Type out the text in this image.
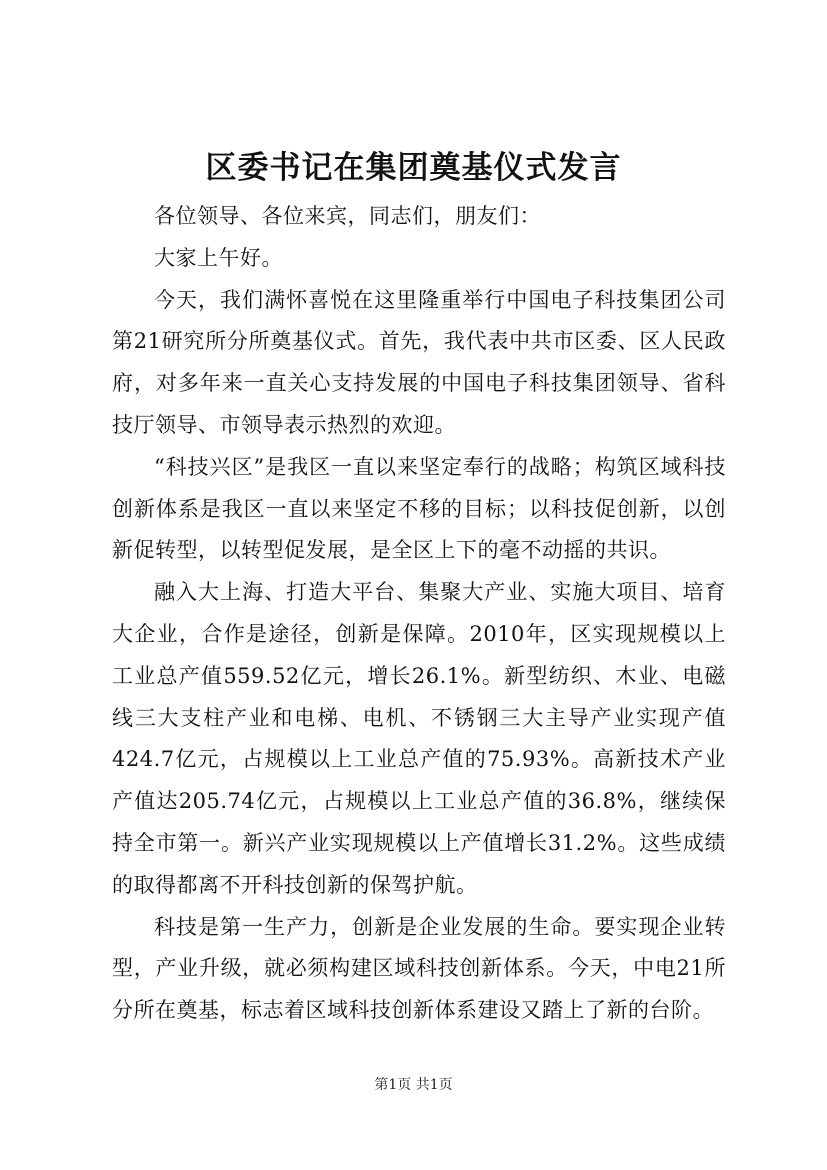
区委书记在集团奠基仪式发言

各位领导、各位来宾，同志们，朋友们：

大家上午好。

今天，我们满怀喜悦在这里隆重举行中国电子科技集团公司第21研究所分所奠基仪式。首先，我代表中共市区委、区人民政府，对多年来一直关心支持发展的中国电子科技集团领导、省科技厅领导、市领导表示热烈的欢迎。

“科技兴区”是我区一直以来坚定奉行的战略；构筑区域科技创新体系是我区一直以来坚定不移的目标；以科技促创新，以创新促转型，以转型促发展，是全区上下的毫不动摇的共识。

融入大上海、打造大平台、集聚大产业、实施大项目、培育大企业，合作是途径，创新是保障。2010年，区实现规模以上工业总产值559.52亿元，增长26.1%。新型纺织、木业、电磁线三大支柱产业和电梯、电机、不锈钢三大主导产业实现产值424.7亿元，占规模以上工业总产值的75.93%。高新技术产业产值达205.74亿元，占规模以上工业总产值的36.8%，继续保持全市第一。新兴产业实现规模以上产值增长31.2%。这些成绩的取得都离不开科技创新的保驾护航。

科技是第一生产力，创新是企业发展的生命。要实现企业转型，产业升级，就必须构建区域科技创新体系。今天，中电21所分所在奠基，标志着区域科技创新体系建设又踏上了新的台阶。

第1页 共1页
